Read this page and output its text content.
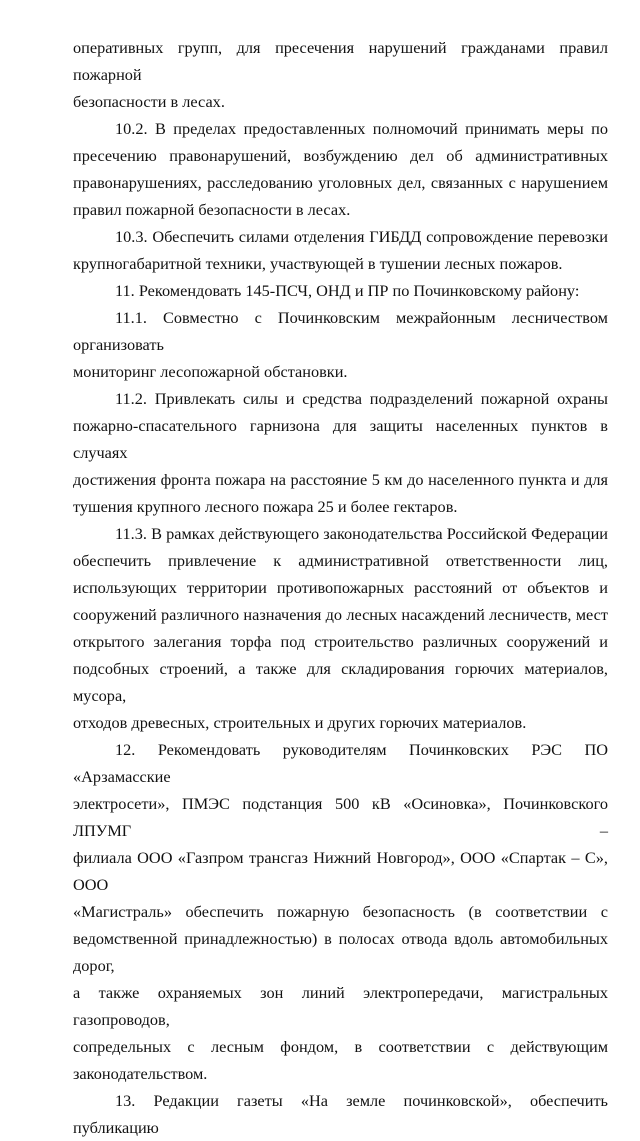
оперативных групп, для пресечения нарушений гражданами правил пожарной
безопасности в лесах.
10.2. В пределах предоставленных полномочий принимать меры по
пресечению правонарушений, возбуждению дел об административных
правонарушениях, расследованию уголовных дел, связанных с нарушением
правил пожарной безопасности в лесах.
10.3. Обеспечить силами отделения ГИБДД сопровождение перевозки
крупногабаритной техники, участвующей в тушении лесных пожаров.
11. Рекомендовать 145-ПСЧ, ОНД и ПР по Починковскому району:
11.1. Совместно с Починковским межрайонным лесничеством организовать
мониторинг лесопожарной обстановки.
11.2. Привлекать силы и средства подразделений пожарной охраны
пожарно-спасательного гарнизона для защиты населенных пунктов в случаях
достижения фронта пожара на расстояние 5 км до населенного пункта и для
тушения крупного лесного пожара 25 и более гектаров.
11.3. В рамках действующего законодательства Российской Федерации
обеспечить привлечение к административной ответственности лиц,
использующих территории противопожарных расстояний от объектов и
сооружений различного назначения до лесных насаждений лесничеств, мест
открытого залегания торфа под строительство различных сооружений и
подсобных строений, а также для складирования горючих материалов, мусора,
отходов древесных, строительных и других горючих материалов.
12. Рекомендовать руководителям Починковских РЭС ПО «Арзамасские
электросети», ПМЭС подстанция 500 кВ «Осиновка», Починковского ЛПУМГ –
филиала ООО «Газпром трансгаз Нижний Новгород», ООО «Спартак – С», ООО
«Магистраль» обеспечить пожарную безопасность (в соответствии с
ведомственной принадлежностью) в полосах отвода вдоль автомобильных дорог,
а также охраняемых зон линий электропередачи, магистральных газопроводов,
сопредельных с лесным фондом, в соответствии с действующим
законодательством.
13. Редакции газеты «На земле починковской», обеспечить публикацию
